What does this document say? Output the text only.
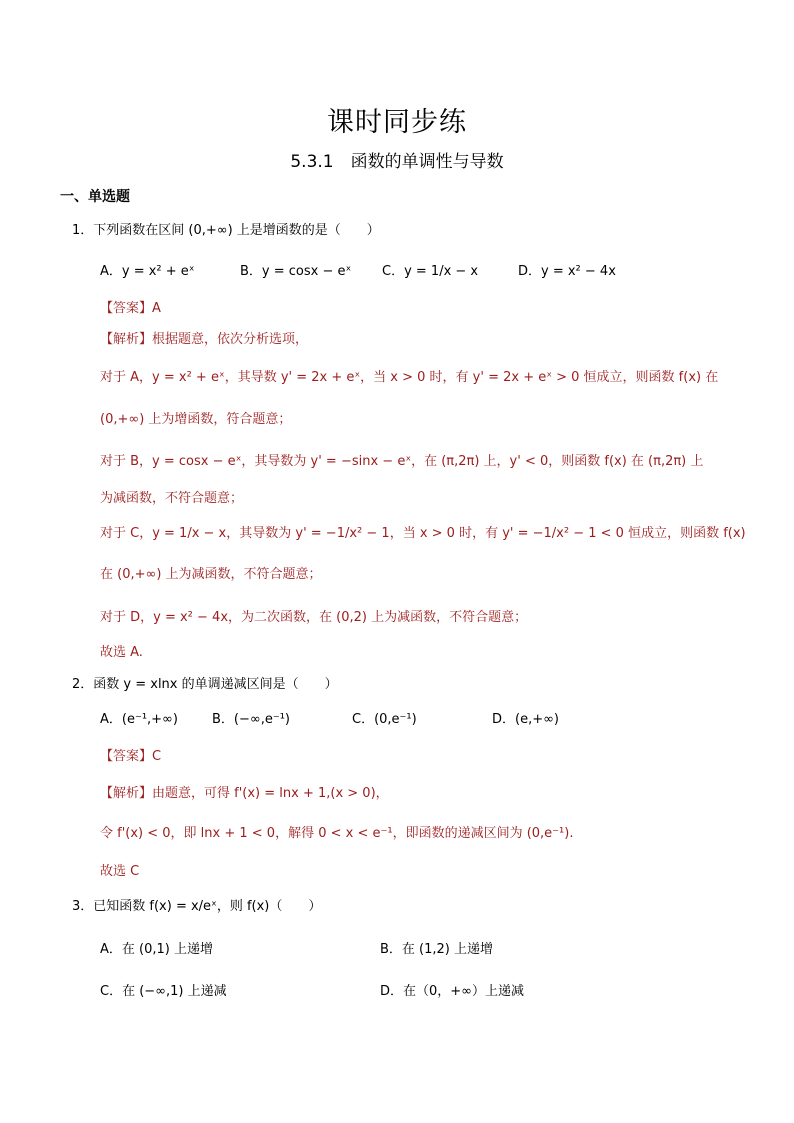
课时同步练
5.3.1　函数的单调性与导数
一、单选题
1．下列函数在区间 (0,+∞) 上是增函数的是（　　）
A．y = x² + eˣ	B．y = cosx − eˣ C．y = 1/x − x	D．y = x² − 4x
【答案】A
【解析】根据题意，依次分析选项，
对于 A，y = x² + eˣ，其导数 y' = 2x + eˣ，当 x > 0 时，有 y' = 2x + eˣ > 0 恒成立，则函数 f(x) 在
(0,+∞) 上为增函数，符合题意；
对于 B，y = cosx − eˣ，其导数为 y' = −sinx − eˣ，在 (π,2π) 上，y' < 0，则函数 f(x) 在 (π,2π) 上
为减函数，不符合题意；
对于 C，y = 1/x − x，其导数为 y' = −1/x² − 1，当 x > 0 时，有 y' = −1/x² − 1 < 0 恒成立，则函数 f(x)
在 (0,+∞) 上为减函数，不符合题意；
对于 D，y = x² − 4x，为二次函数，在 (0,2) 上为减函数，不符合题意；
故选 A.
2．函数 y = xlnx 的单调递减区间是（　　）
A．(e⁻¹,+∞)	B．(−∞,e⁻¹)	C．(0,e⁻¹)	D．(e,+∞)
【答案】C
【解析】由题意，可得 f'(x) = lnx + 1,(x > 0)，
令 f'(x) < 0，即 lnx + 1 < 0，解得 0 < x < e⁻¹，即函数的递减区间为 (0,e⁻¹).
故选 C
3．已知函数 f(x) = x/eˣ，则 f(x)（　　）
A．在 (0,1) 上递增	B．在 (1,2) 上递增
C．在 (−∞,1) 上递减	D．在（0，+∞）上递减
